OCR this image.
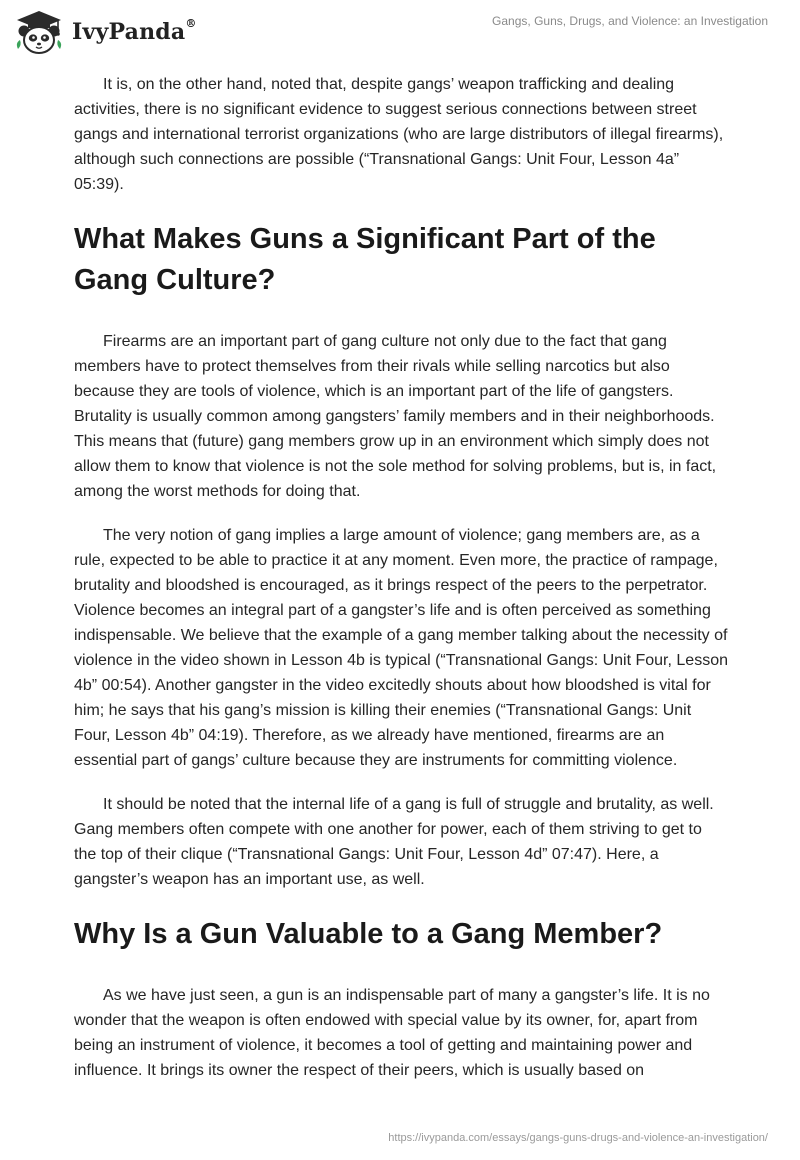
IvyPanda®	Gangs, Guns, Drugs, and Violence: an Investigation

It is, on the other hand, noted that, despite gangs’ weapon trafficking and dealing activities, there is no significant evidence to suggest serious connections between street gangs and international terrorist organizations (who are large distributors of illegal firearms), although such connections are possible (“Transnational Gangs: Unit Four, Lesson 4a” 05:39).

What Makes Guns a Significant Part of the Gang Culture?

Firearms are an important part of gang culture not only due to the fact that gang members have to protect themselves from their rivals while selling narcotics but also because they are tools of violence, which is an important part of the life of gangsters. Brutality is usually common among gangsters’ family members and in their neighborhoods. This means that (future) gang members grow up in an environment which simply does not allow them to know that violence is not the sole method for solving problems, but is, in fact, among the worst methods for doing that.

The very notion of gang implies a large amount of violence; gang members are, as a rule, expected to be able to practice it at any moment. Even more, the practice of rampage, brutality and bloodshed is encouraged, as it brings respect of the peers to the perpetrator. Violence becomes an integral part of a gangster’s life and is often perceived as something indispensable. We believe that the example of a gang member talking about the necessity of violence in the video shown in Lesson 4b is typical (“Transnational Gangs: Unit Four, Lesson 4b” 00:54). Another gangster in the video excitedly shouts about how bloodshed is vital for him; he says that his gang’s mission is killing their enemies (“Transnational Gangs: Unit Four, Lesson 4b” 04:19). Therefore, as we already have mentioned, firearms are an essential part of gangs’ culture because they are instruments for committing violence.

It should be noted that the internal life of a gang is full of struggle and brutality, as well. Gang members often compete with one another for power, each of them striving to get to the top of their clique (“Transnational Gangs: Unit Four, Lesson 4d” 07:47). Here, a gangster’s weapon has an important use, as well.

Why Is a Gun Valuable to a Gang Member?

As we have just seen, a gun is an indispensable part of many a gangster’s life. It is no wonder that the weapon is often endowed with special value by its owner, for, apart from being an instrument of violence, it becomes a tool of getting and maintaining power and influence. It brings its owner the respect of their peers, which is usually based on

https://ivypanda.com/essays/gangs-guns-drugs-and-violence-an-investigation/
